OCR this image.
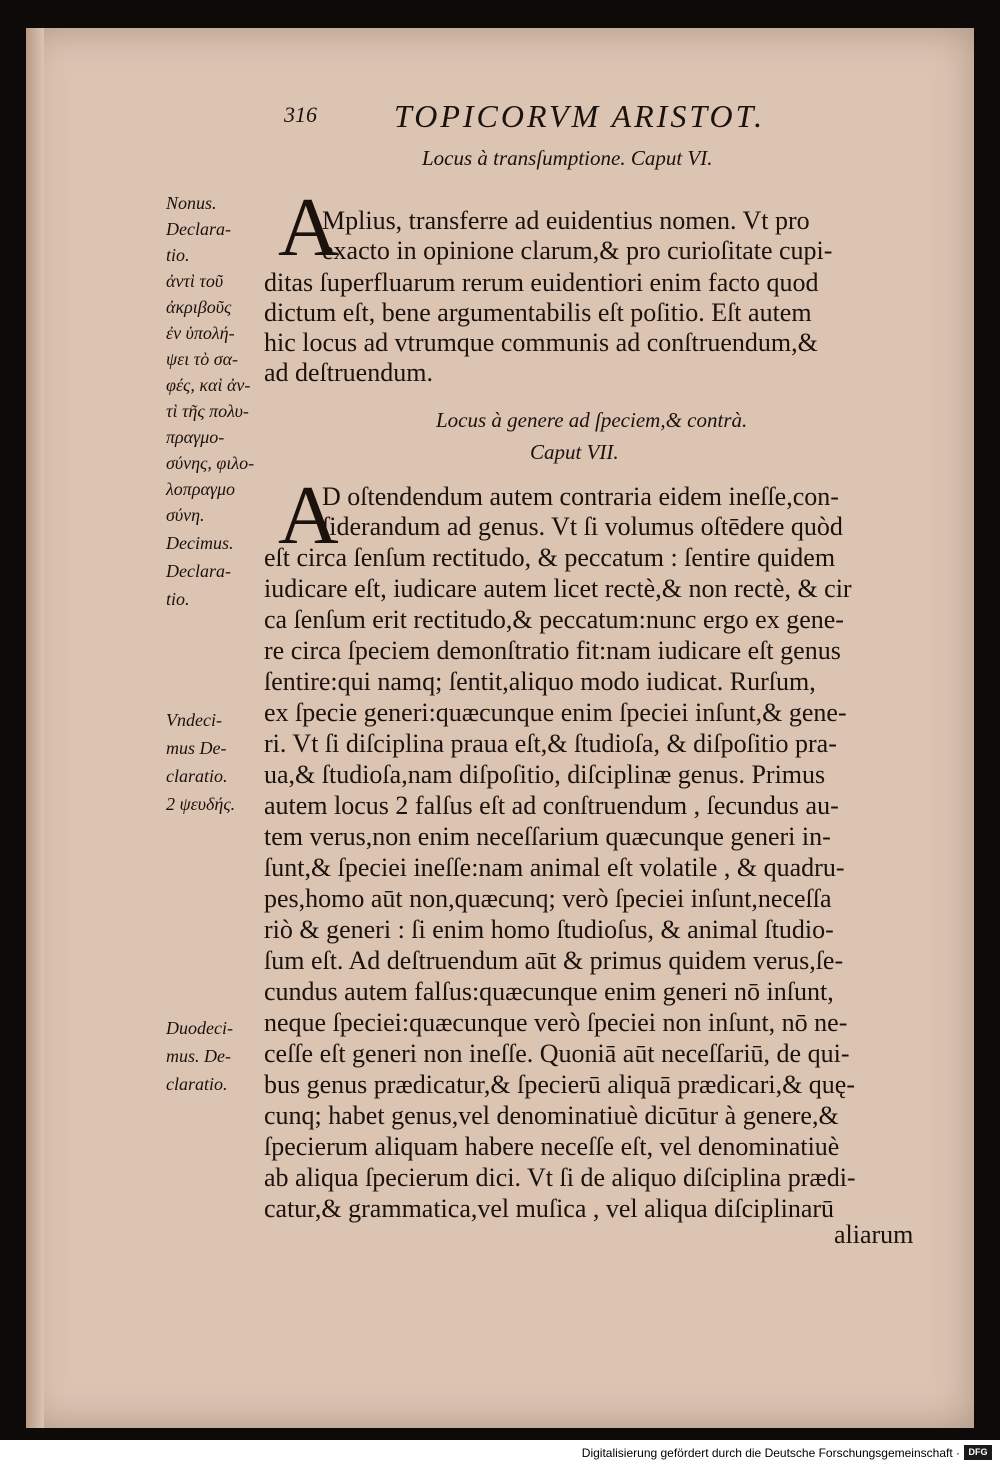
316 TOPICORVM ARISTOT.
Locus à transſumptione. Caput VI.
A
Mplius, transferre ad euidentius nomen. Vt pro
exacto in opinione clarum,& pro curioſitate cupi-
ditas ſuperfluarum rerum euidentiori enim facto quod
dictum eſt, bene argumentabilis eſt poſitio. Eſt autem
hic locus ad vtrumque communis ad conſtruendum,&
ad deſtruendum.
Locus à genere ad ſpeciem,& contrà.
Caput VII.
A
D oſtendendum autem contraria eidem ineſſe,con-
ſiderandum ad genus. Vt ſi volumus oſtēdere quòd
eſt circa ſenſum rectitudo, & peccatum : ſentire quidem
iudicare eſt, iudicare autem licet rectè,& non rectè, & cir
ca ſenſum erit rectitudo,& peccatum:nunc ergo ex gene-
re circa ſpeciem demonſtratio fit:nam iudicare eſt genus
ſentire:qui namq; ſentit,aliquo modo iudicat. Rurſum,
ex ſpecie generi:quæcunque enim ſpeciei inſunt,& gene-
ri. Vt ſi diſciplina praua eſt,& ſtudioſa, & diſpoſitio pra-
ua,& ſtudioſa,nam diſpoſitio, diſciplinæ genus. Primus
autem locus 2 falſus eſt ad conſtruendum , ſecundus au-
tem verus,non enim neceſſarium quæcunque generi in-
ſunt,& ſpeciei ineſſe:nam animal eſt volatile , & quadru-
pes,homo aūt non,quæcunq; verò ſpeciei inſunt,neceſſa
riò & generi : ſi enim homo ſtudioſus, & animal ſtudio-
ſum eſt. Ad deſtruendum aūt & primus quidem verus,ſe-
cundus autem falſus:quæcunque enim generi nō inſunt,
neque ſpeciei:quæcunque verò ſpeciei non inſunt, nō ne-
ceſſe eſt generi non ineſſe. Quoniā aūt neceſſariū, de qui-
bus genus prædicatur,& ſpecierū aliquā prædicari,& quę-
cunq; habet genus,vel denominatiuè dicūtur à genere,&
ſpecierum aliquam habere neceſſe eſt, vel denominatiuè
ab aliqua ſpecierum dici. Vt ſi de aliquo diſciplina prædi-
catur,& grammatica,vel muſica , vel aliqua diſciplinarū
aliarum
Nonus.
Declara-
tio.
ἀντὶ τοῦ
ἀκριβοῦς
ἐν ὑπολή-
ψει τὸ σα-
φές, καὶ ἀν-
τὶ τῆς πολυ-
πραγμο-
σύνης, φιλο-
λοπραγμο
σύνη.
Decimus.
Declara-
tio.
Vndeci-
mus De-
claratio.
2 ψευδής.
Duodeci-
mus. De-
claratio.
Digitalisierung gefördert durch die Deutsche Forschungsgemeinschaft · DFG
